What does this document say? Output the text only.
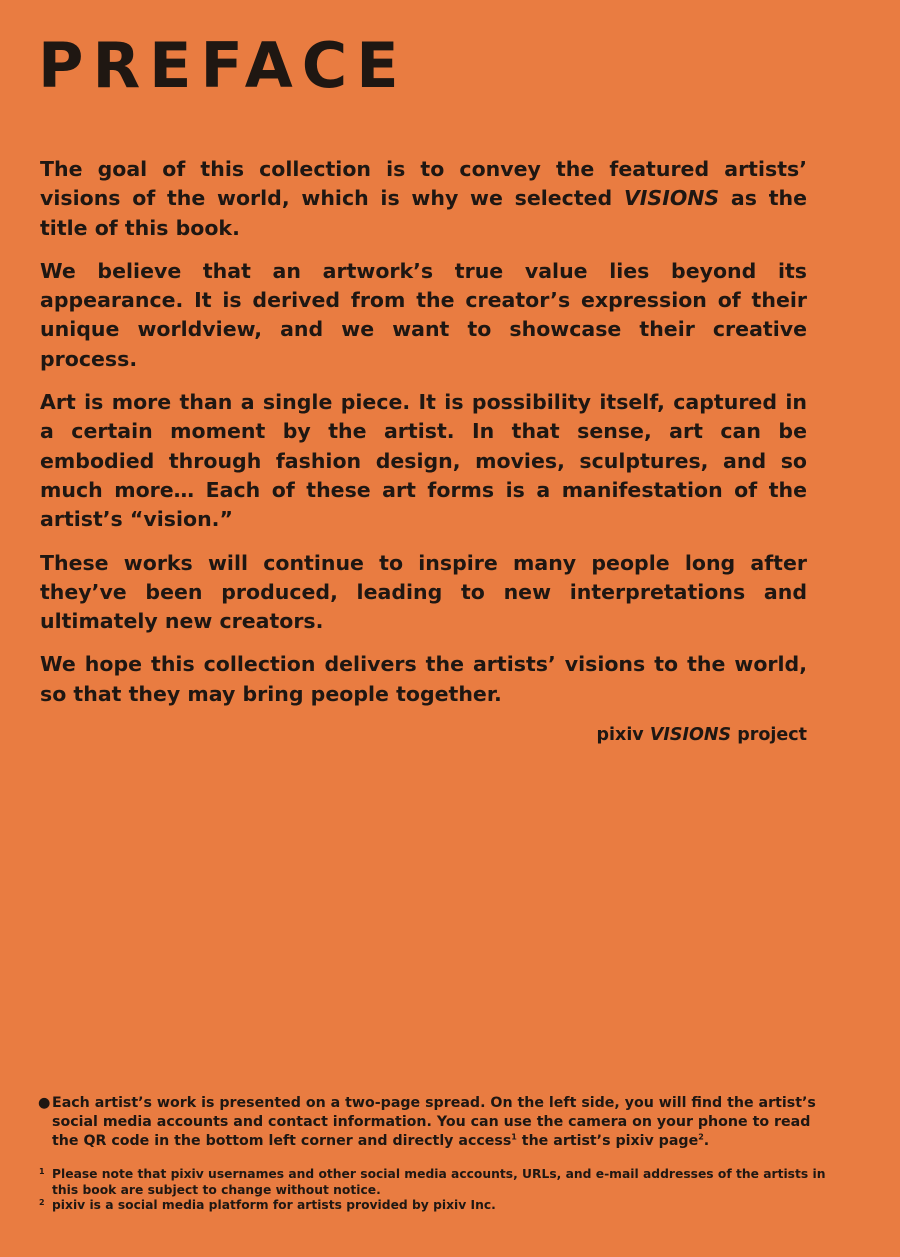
PREFACE

The goal of this collection is to convey the featured artists’ visions of the world, which is why we selected VISIONS as the title of this book.

We believe that an artwork’s true value lies beyond its appearance. It is derived from the creator’s expression of their unique worldview, and we want to showcase their creative process.

Art is more than a single piece. It is possibility itself, captured in a certain moment by the artist. In that sense, art can be embodied through fashion design, movies, sculptures, and so much more… Each of these art forms is a manifestation of the artist’s “vision.”

These works will continue to inspire many people long after they’ve been produced, leading to new interpretations and ultimately new creators.

We hope this collection delivers the artists’ visions to the world, so that they may bring people together.

pixiv VISIONS project
● Each artist’s work is presented on a two-page spread. On the left side, you will find the artist’s social media accounts and contact information. You can use the camera on your phone to read the QR code in the bottom left corner and directly access$^1$ the artist’s pixiv page$^2$.
1 Please note that pixiv usernames and other social media accounts, URLs, and e-mail addresses of the artists in this book are subject to change without notice.
2 pixiv is a social media platform for artists provided by pixiv Inc.
